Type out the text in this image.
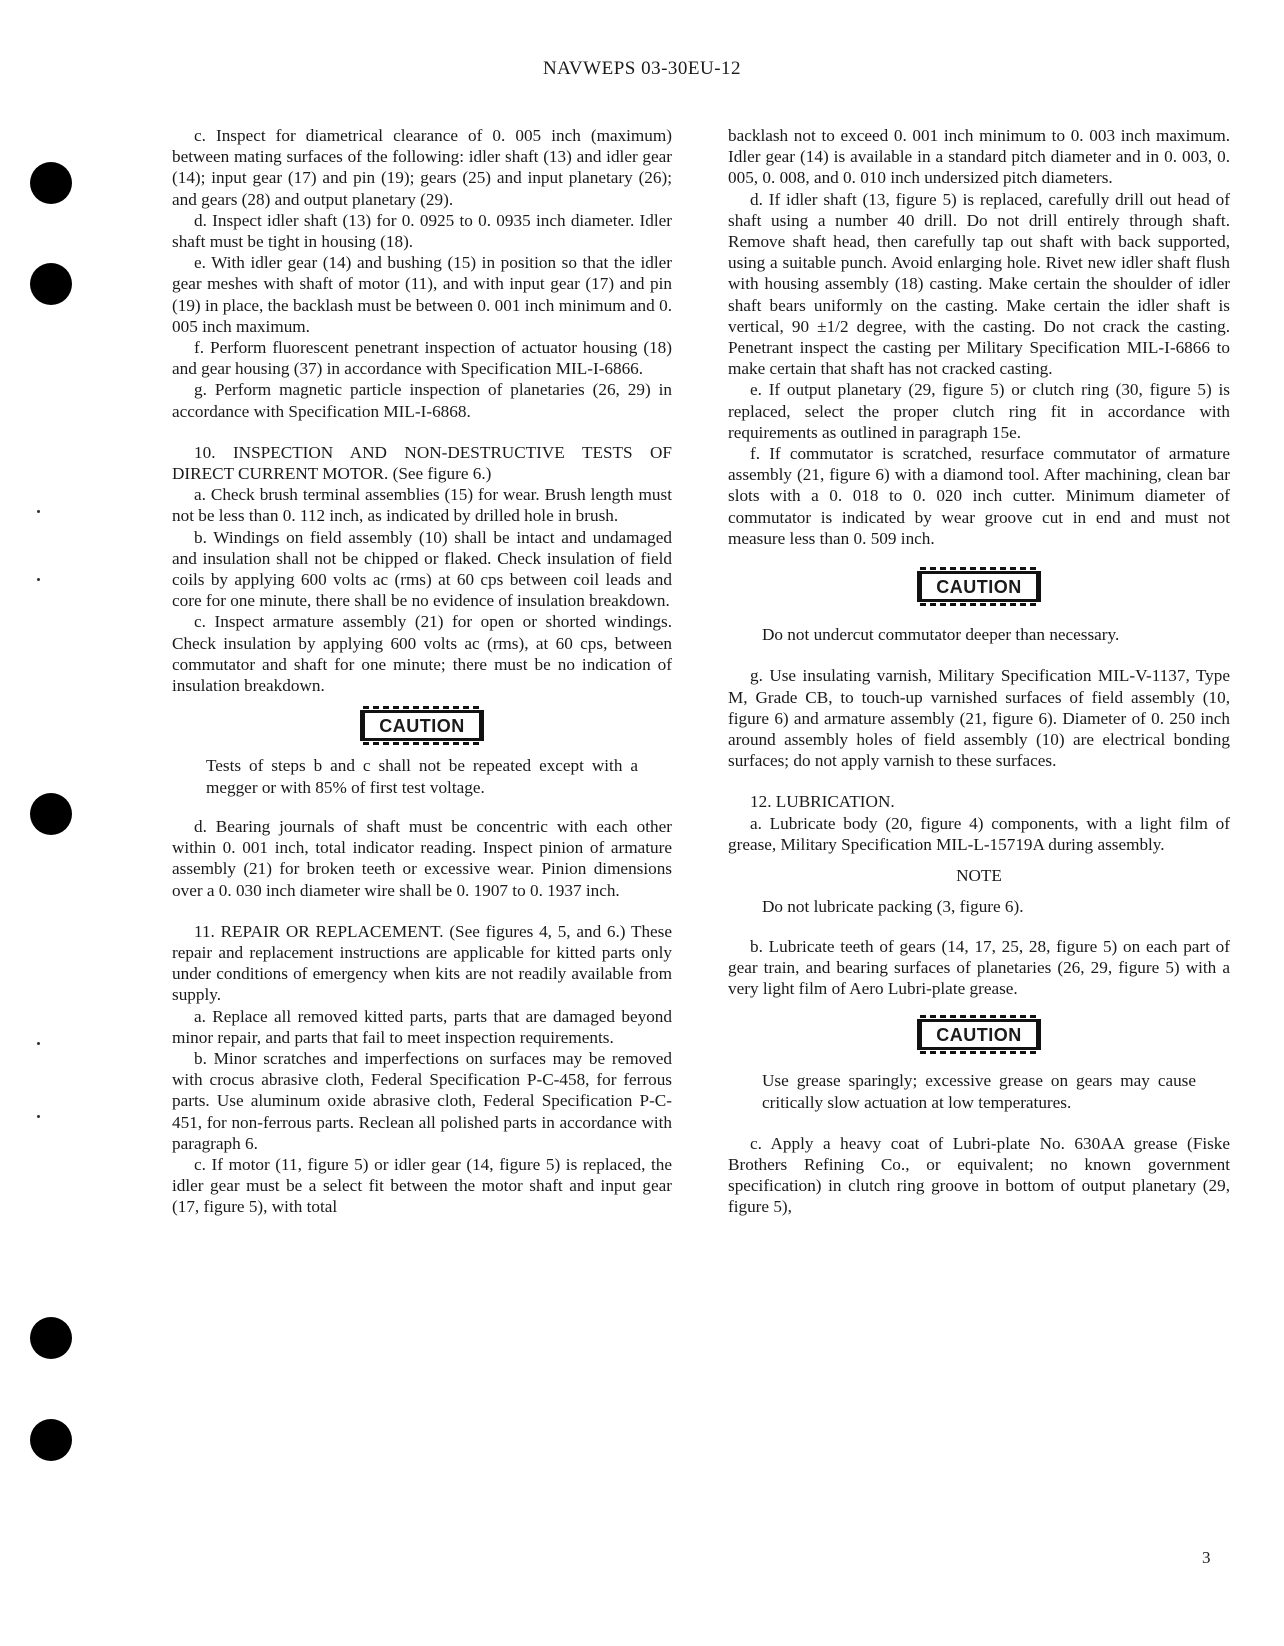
NAVWEPS 03-30EU-12

c. Inspect for diametrical clearance of 0. 005 inch (maximum) between mating surfaces of the following: idler shaft (13) and idler gear (14); input gear (17) and pin (19); gears (25) and input planetary (26); and gears (28) and output planetary (29).

d. Inspect idler shaft (13) for 0. 0925 to 0. 0935 inch diameter. Idler shaft must be tight in housing (18).

e. With idler gear (14) and bushing (15) in position so that the idler gear meshes with shaft of motor (11), and with input gear (17) and pin (19) in place, the backlash must be between 0. 001 inch minimum and 0. 005 inch maximum.

f. Perform fluorescent penetrant inspection of actuator housing (18) and gear housing (37) in accordance with Specification MIL-I-6866.

g. Perform magnetic particle inspection of planetaries (26, 29) in accordance with Specification MIL-I-6868.

10. INSPECTION AND NON-DESTRUCTIVE TESTS OF DIRECT CURRENT MOTOR. (See figure 6.)

a. Check brush terminal assemblies (15) for wear. Brush length must not be less than 0. 112 inch, as indicated by drilled hole in brush.

b. Windings on field assembly (10) shall be intact and undamaged and insulation shall not be chipped or flaked. Check insulation of field coils by applying 600 volts ac (rms) at 60 cps between coil leads and core for one minute, there shall be no evidence of insulation breakdown.

c. Inspect armature assembly (21) for open or shorted windings. Check insulation by applying 600 volts ac (rms), at 60 cps, between commutator and shaft for one minute; there must be no indication of insulation breakdown.

CAUTION

Tests of steps b and c shall not be repeated except with a megger or with 85% of first test voltage.

d. Bearing journals of shaft must be concentric with each other within 0. 001 inch, total indicator reading. Inspect pinion of armature assembly (21) for broken teeth or excessive wear. Pinion dimensions over a 0. 030 inch diameter wire shall be 0. 1907 to 0. 1937 inch.

11. REPAIR OR REPLACEMENT. (See figures 4, 5, and 6.) These repair and replacement instructions are applicable for kitted parts only under conditions of emergency when kits are not readily available from supply.

a. Replace all removed kitted parts, parts that are damaged beyond minor repair, and parts that fail to meet inspection requirements.

b. Minor scratches and imperfections on surfaces may be removed with crocus abrasive cloth, Federal Specification P-C-458, for ferrous parts. Use aluminum oxide abrasive cloth, Federal Specification P-C-451, for non-ferrous parts. Reclean all polished parts in accordance with paragraph 6.

c. If motor (11, figure 5) or idler gear (14, figure 5) is replaced, the idler gear must be a select fit between the motor shaft and input gear (17, figure 5), with total

backlash not to exceed 0. 001 inch minimum to 0. 003 inch maximum. Idler gear (14) is available in a standard pitch diameter and in 0. 003, 0. 005, 0. 008, and 0. 010 inch undersized pitch diameters.

d. If idler shaft (13, figure 5) is replaced, carefully drill out head of shaft using a number 40 drill. Do not drill entirely through shaft. Remove shaft head, then carefully tap out shaft with back supported, using a suitable punch. Avoid enlarging hole. Rivet new idler shaft flush with housing assembly (18) casting. Make certain the shoulder of idler shaft bears uniformly on the casting. Make certain the idler shaft is vertical, 90 ±1/2 degree, with the casting. Do not crack the casting. Penetrant inspect the casting per Military Specification MIL-I-6866 to make certain that shaft has not cracked casting.

e. If output planetary (29, figure 5) or clutch ring (30, figure 5) is replaced, select the proper clutch ring fit in accordance with requirements as outlined in paragraph 15e.

f. If commutator is scratched, resurface commutator of armature assembly (21, figure 6) with a diamond tool. After machining, clean bar slots with a 0. 018 to 0. 020 inch cutter. Minimum diameter of commutator is indicated by wear groove cut in end and must not measure less than 0. 509 inch.

CAUTION

Do not undercut commutator deeper than necessary.

g. Use insulating varnish, Military Specification MIL-V-1137, Type M, Grade CB, to touch-up varnished surfaces of field assembly (10, figure 6) and armature assembly (21, figure 6). Diameter of 0. 250 inch around assembly holes of field assembly (10) are electrical bonding surfaces; do not apply varnish to these surfaces.

12. LUBRICATION.

a. Lubricate body (20, figure 4) components, with a light film of grease, Military Specification MIL-L-15719A during assembly.

NOTE

Do not lubricate packing (3, figure 6).

b. Lubricate teeth of gears (14, 17, 25, 28, figure 5) on each part of gear train, and bearing surfaces of planetaries (26, 29, figure 5) with a very light film of Aero Lubri-plate grease.

CAUTION

Use grease sparingly; excessive grease on gears may cause critically slow actuation at low temperatures.

c. Apply a heavy coat of Lubri-plate No. 630AA grease (Fiske Brothers Refining Co., or equivalent; no known government specification) in clutch ring groove in bottom of output planetary (29, figure 5),

3
